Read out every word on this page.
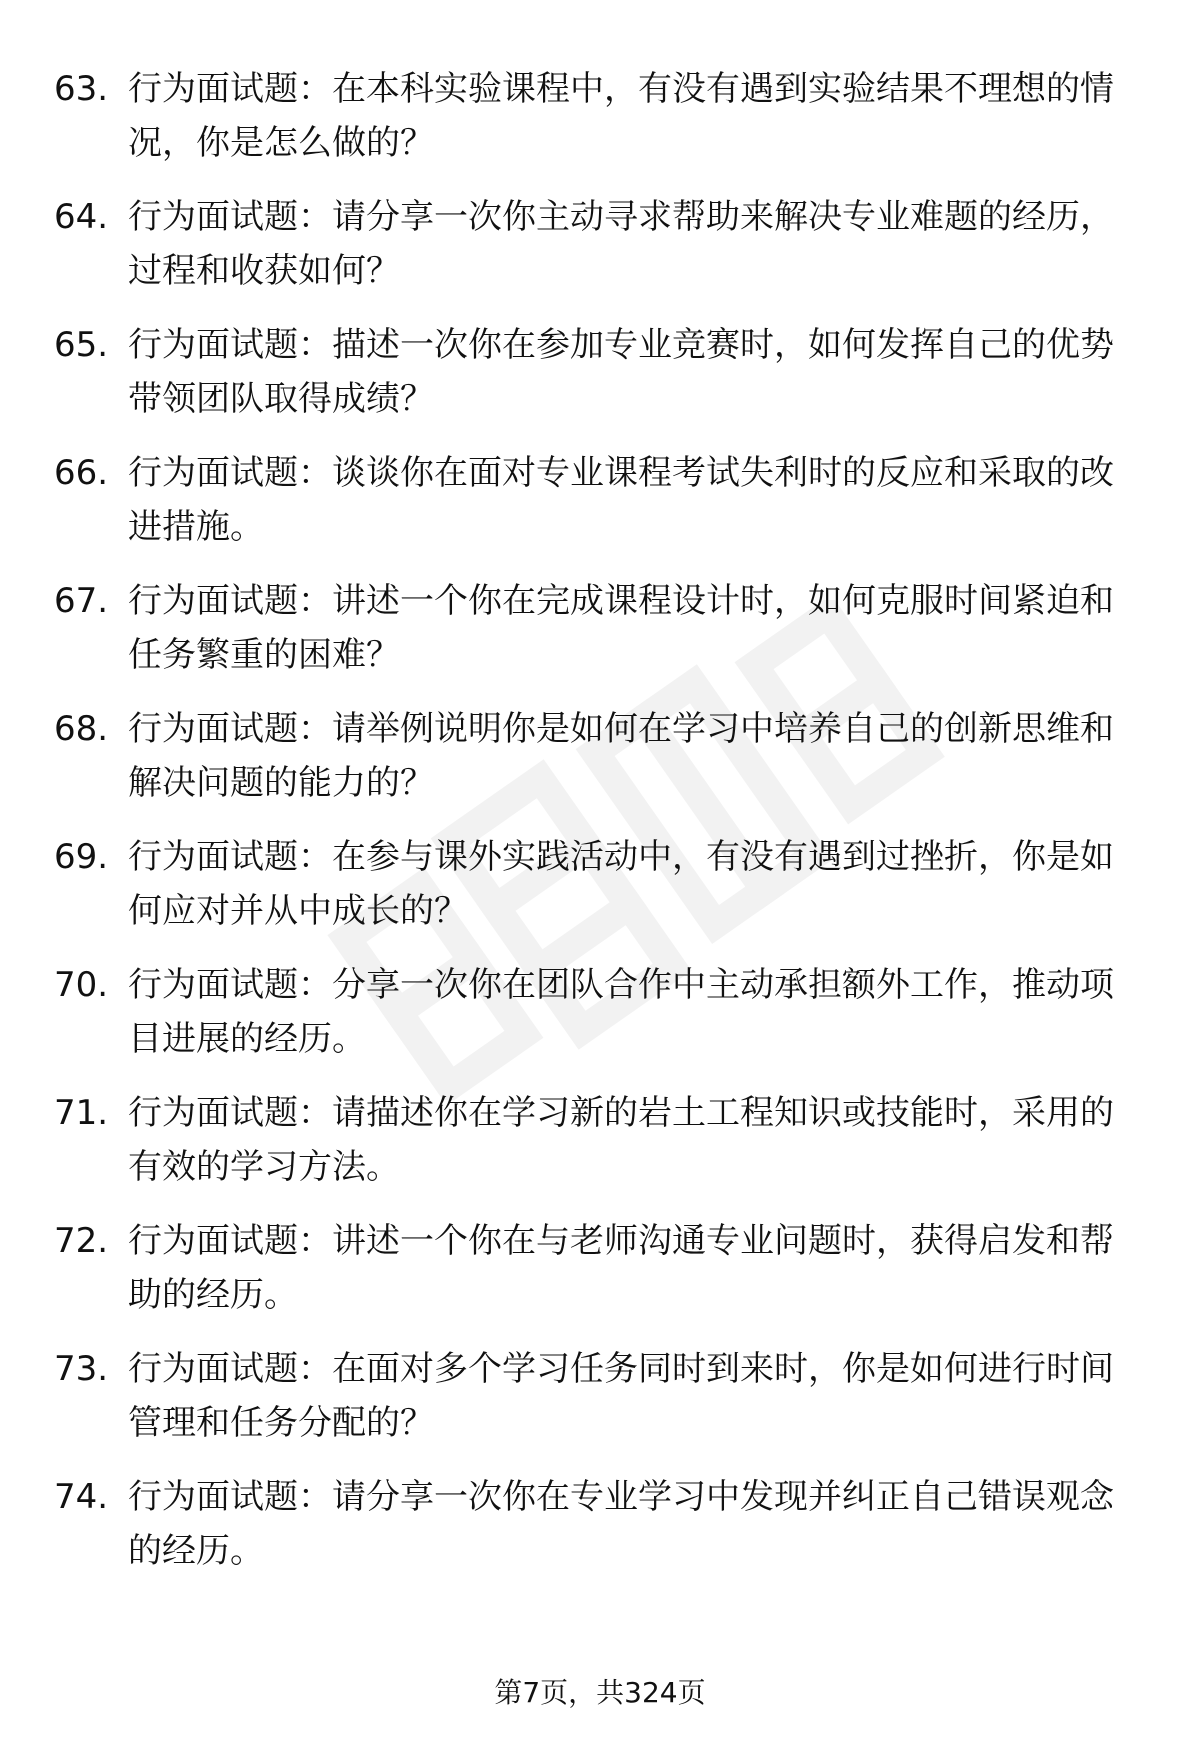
63. 行为面试题：在本科实验课程中，有没有遇到实验结果不理想的情况，你是怎么做的？
64. 行为面试题：请分享一次你主动寻求帮助来解决专业难题的经历，过程和收获如何？
65. 行为面试题：描述一次你在参加专业竞赛时，如何发挥自己的优势带领团队取得成绩？
66. 行为面试题：谈谈你在面对专业课程考试失利时的反应和采取的改进措施。
67. 行为面试题：讲述一个你在完成课程设计时，如何克服时间紧迫和任务繁重的困难？
68. 行为面试题：请举例说明你是如何在学习中培养自己的创新思维和解决问题的能力的？
69. 行为面试题：在参与课外实践活动中，有没有遇到过挫折，你是如何应对并从中成长的？
70. 行为面试题：分享一次你在团队合作中主动承担额外工作，推动项目进展的经历。
71. 行为面试题：请描述你在学习新的岩土工程知识或技能时，采用的有效的学习方法。
72. 行为面试题：讲述一个你在与老师沟通专业问题时，获得启发和帮助的经历。
73. 行为面试题：在面对多个学习任务同时到来时，你是如何进行时间管理和任务分配的？
74. 行为面试题：请分享一次你在专业学习中发现并纠正自己错误观念的经历。
第7页，共324页
